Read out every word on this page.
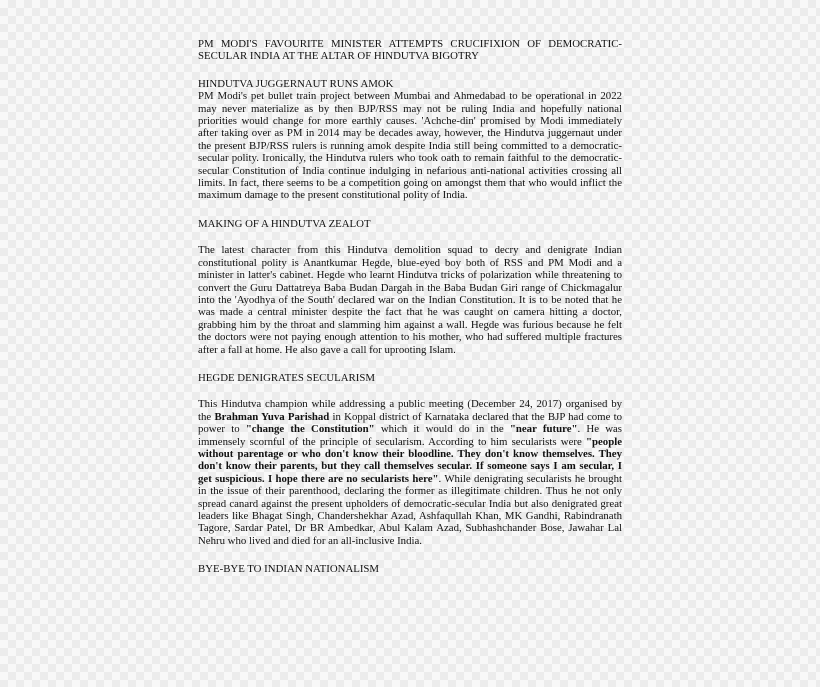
PM MODI'S FAVOURITE MINISTER ATTEMPTS CRUCIFIXION OF DEMOCRATIC-SECULAR INDIA AT THE ALTAR OF HINDUTVA BIGOTRY

HINDUTVA JUGGERNAUT RUNS AMOK

PM Modi's pet bullet train project between Mumbai and Ahmedabad to be operational in 2022 may never materialize as by then BJP/RSS may not be ruling India and hopefully national priorities would change for more earthly causes. 'Achche-din' promised by Modi immediately after taking over as PM in 2014 may be decades away, however, the Hindutva juggernaut under the present BJP/RSS rulers is running amok despite India still being committed to a democratic-secular polity. Ironically, the Hindutva rulers who took oath to remain faithful to the democratic-secular Constitution of India continue indulging in nefarious anti-national activities crossing all limits. In fact, there seems to be a competition going on amongst them that who would inflict the maximum damage to the present constitutional polity of India.

MAKING OF A HINDUTVA ZEALOT

The latest character from this Hindutva demolition squad to decry and denigrate Indian constitutional polity is Anantkumar Hegde, blue-eyed boy both of RSS and PM Modi and a minister in latter's cabinet. Hegde who learnt Hindutva tricks of polarization while threatening to convert the Guru Dattatreya Baba Budan Dargah in the Baba Budan Giri range of Chickmagalur into the 'Ayodhya of the South' declared war on the Indian Constitution. It is to be noted that he was made a central minister despite the fact that he was caught on camera hitting a doctor, grabbing him by the throat and slamming him against a wall. Hegde was furious because he felt the doctors were not paying enough attention to his mother, who had suffered multiple fractures after a fall at home. He also gave a call for uprooting Islam.

HEGDE DENIGRATES SECULARISM

This Hindutva champion while addressing a public meeting (December 24, 2017) organised by the Brahman Yuva Parishad in Koppal district of Karnataka declared that the BJP had come to power to "change the Constitution" which it would do in the "near future". He was immensely scornful of the principle of secularism. According to him secularists were "people without parentage or who don't know their bloodline. They don't know themselves. They don't know their parents, but they call themselves secular. If someone says I am secular, I get suspicious. I hope there are no secularists here". While denigrating secularists he brought in the issue of their parenthood, declaring the former as illegitimate children. Thus he not only spread canard against the present upholders of democratic-secular India but also denigrated great leaders like Bhagat Singh, Chandershekhar Azad, Ashfaqullah Khan, MK Gandhi, Rabindranath Tagore, Sardar Patel, Dr BR Ambedkar, Abul Kalam Azad, Subhashchander Bose, Jawahar Lal Nehru who lived and died for an all-inclusive India.

BYE-BYE TO INDIAN NATIONALISM
